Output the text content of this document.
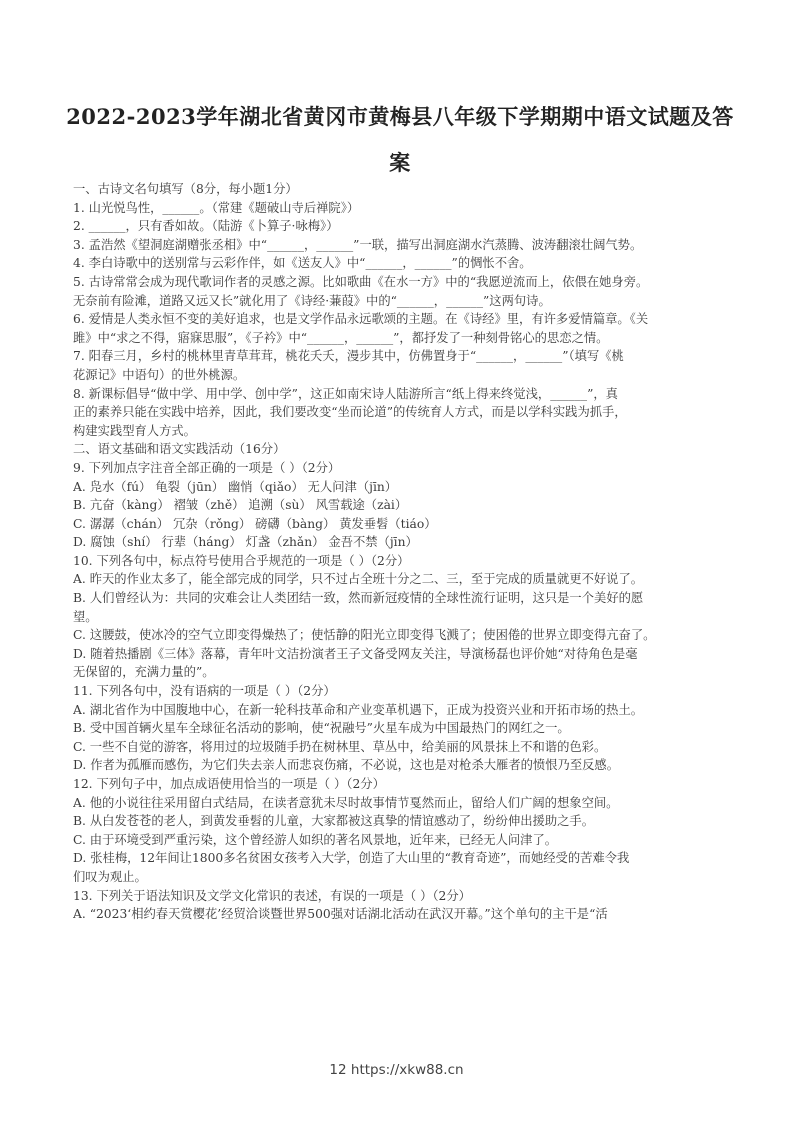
2022-2023学年湖北省黄冈市黄梅县八年级下学期期中语文试题及答
案
一、古诗文名句填写（8分，每小题1分）
1. 山光悦鸟性，______。（常建《题破山寺后禅院》）
2. ______，只有香如故。（陆游《卜算子·咏梅》）
3. 孟浩然《望洞庭湖赠张丞相》中“______，______”一联，描写出洞庭湖水汽蒸腾、波涛翻滚壮阔气势。
4. 李白诗歌中的送别常与云彩作伴，如《送友人》中“______，______”的惆怅不舍。
5. 古诗常常会成为现代歌词作者的灵感之源。比如歌曲《在水一方》中的“我愿逆流而上，依偎在她身旁。
无奈前有险滩，道路又远又长”就化用了《诗经·蒹葭》中的“______，______”这两句诗。
6. 爱情是人类永恒不变的美好追求，也是文学作品永远歌颂的主题。在《诗经》里，有许多爱情篇章。《关
雎》中“求之不得，寤寐思服”，《子衿》中“______，______”，都抒发了一种刻骨铭心的思恋之情。
7. 阳春三月，乡村的桃林里青草茸茸，桃花夭夭，漫步其中，仿佛置身于“______，______”（填写《桃
花源记》中语句）的世外桃源。
8. 新课标倡导“做中学、用中学、创中学”，这正如南宋诗人陆游所言“纸上得来终觉浅，______”，真
正的素养只能在实践中培养，因此，我们要改变“坐而论道”的传统育人方式，而是以学科实践为抓手，
构建实践型育人方式。
二、语文基础和语文实践活动（16分）
9. 下列加点字注音全部正确的一项是（ ）（2分）
A. 凫水（fú） 龟裂（jūn） 幽悄（qiǎo） 无人问津（jīn）
B. 亢奋（kàng） 褶皱（zhě） 追溯（sù） 风雪载途（zài）
C. 潺潺（chán） 冗杂（rǒng） 磅礴（bàng） 黄发垂髫（tiáo）
D. 腐蚀（shí） 行辈（háng） 灯盏（zhǎn） 金吾不禁（jīn）
10. 下列各句中，标点符号使用合乎规范的一项是（ ）（2分）
A. 昨天的作业太多了，能全部完成的同学，只不过占全班十分之二、三，至于完成的质量就更不好说了。
B. 人们曾经认为：共同的灾难会让人类团结一致，然而新冠疫情的全球性流行证明，这只是一个美好的愿
望。
C. 这腰鼓，使冰冷的空气立即变得燥热了；使恬静的阳光立即变得飞溅了；使困倦的世界立即变得亢奋了。
D. 随着热播剧《三体》落幕，青年叶文洁扮演者王子文备受网友关注，导演杨磊也评价她“对待角色是毫
无保留的，充满力量的”。
11. 下列各句中，没有语病的一项是（ ）（2分）
A. 湖北省作为中国腹地中心，在新一轮科技革命和产业变革机遇下，正成为投资兴业和开拓市场的热土。
B. 受中国首辆火星车全球征名活动的影响，使“祝融号”火星车成为中国最热门的网红之一。
C. 一些不自觉的游客，将用过的垃圾随手扔在树林里、草丛中，给美丽的风景抹上不和谐的色彩。
D. 作者为孤雁而感伤，为它们失去亲人而悲哀伤痛，不必说，这也是对枪杀大雁者的愤恨乃至反感。
12. 下列句子中，加点成语使用恰当的一项是（ ）（2分）
A. 他的小说往往采用留白式结局，在读者意犹未尽时故事情节戛然而止，留给人们广阔的想象空间。
B. 从白发苍苍的老人，到黄发垂髫的儿童，大家都被这真挚的情谊感动了，纷纷伸出援助之手。
C. 由于环境受到严重污染，这个曾经游人如织的著名风景地，近年来，已经无人问津了。
D. 张桂梅，12年间让1800多名贫困女孩考入大学，创造了大山里的“教育奇迹”，而她经受的苦难令我
们叹为观止。
13. 下列关于语法知识及文学文化常识的表述，有误的一项是（ ）（2分）
A. “2023‘相约春天赏樱花’经贸洽谈暨世界500强对话湖北活动在武汉开幕。”这个单句的主干是“活
12 https://xkw88.cn
